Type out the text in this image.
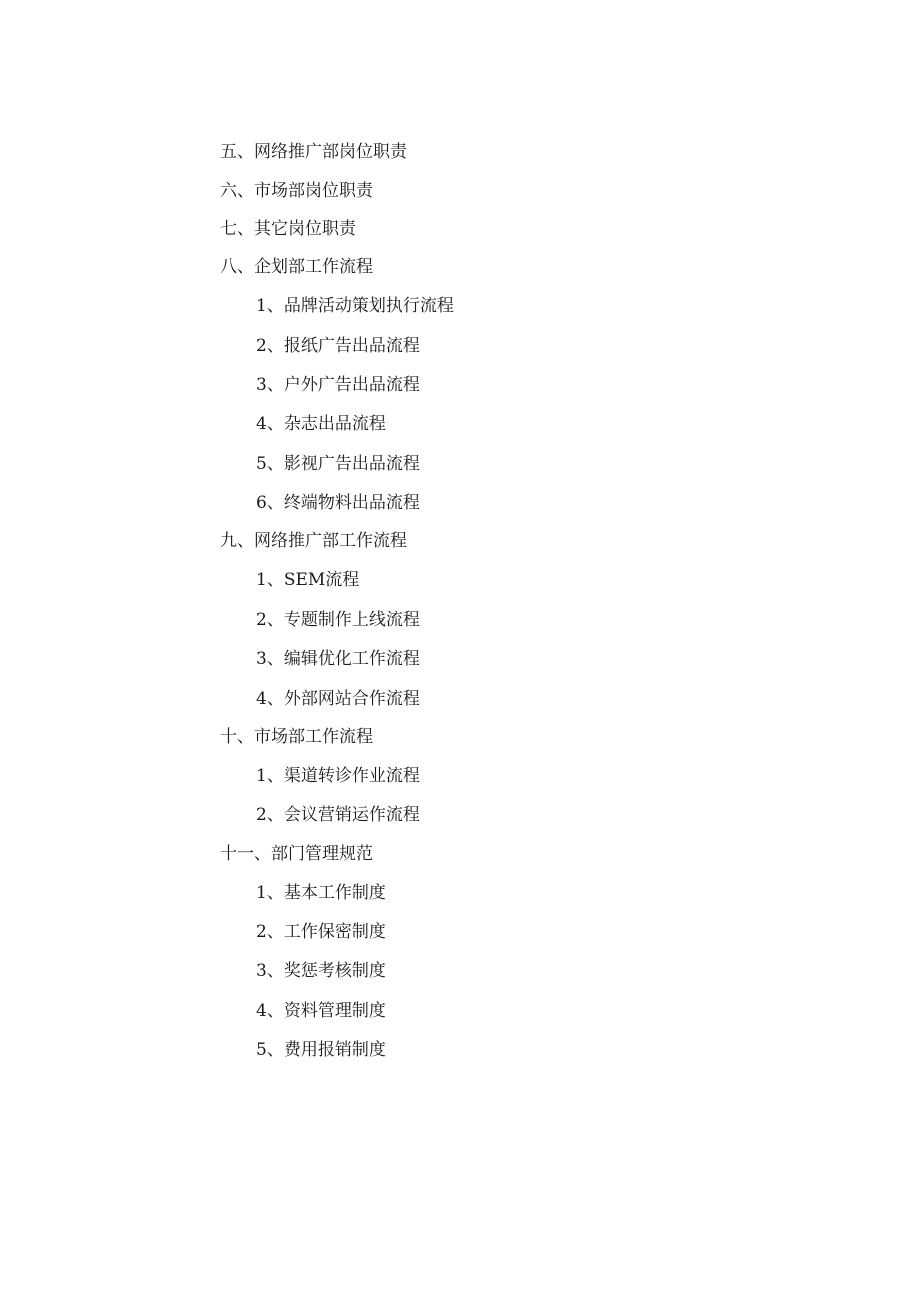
五、网络推广部岗位职责
六、市场部岗位职责
七、其它岗位职责
八、企划部工作流程
1、品牌活动策划执行流程
2、报纸广告出品流程
3、户外广告出品流程
4、杂志出品流程
5、影视广告出品流程
6、终端物料出品流程
九、网络推广部工作流程
1、SEM流程
2、专题制作上线流程
3、编辑优化工作流程
4、外部网站合作流程
十、市场部工作流程
1、渠道转诊作业流程
2、会议营销运作流程
十一、部门管理规范
1、基本工作制度
2、工作保密制度
3、奖惩考核制度
4、资料管理制度
5、费用报销制度
